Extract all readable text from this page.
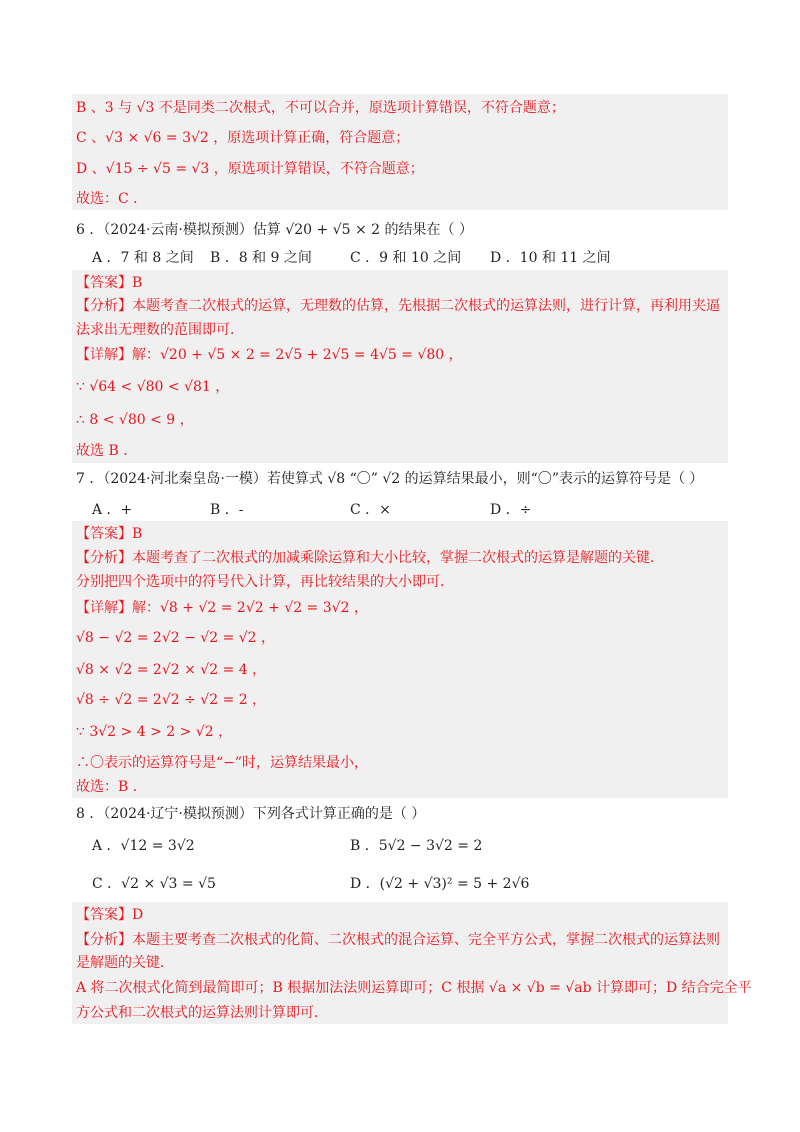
B 、3 与 √3 不是同类二次根式，不可以合并，原选项计算错误，不符合题意；
C 、√3 × √6 = 3√2 ，原选项计算正确，符合题意；
D 、√15 ÷ √5 = √3 ，原选项计算错误，不符合题意；
故选：C ．
6 ．（2024·云南·模拟预测）估算 √20 + √5 × 2 的结果在（ ）
A ．7 和 8 之间 B ．8 和 9 之间	C ．9 和 10 之间 D ．10 和 11 之间
【答案】B
【分析】本题考查二次根式的运算，无理数的估算，先根据二次根式的运算法则，进行计算，再利用夹逼
法求出无理数的范围即可．
【详解】解：√20 + √5 × 2 = 2√5 + 2√5 = 4√5 = √80 ，
∵ √64 < √80 < √81 ，
∴ 8 < √80 < 9 ，
故选 B ．
7 ．（2024·河北秦皇岛·一模）若使算式 √8 “〇” √2 的运算结果最小，则“〇”表示的运算符号是（ ）
A ．+	B ．-	C ．×	D ．÷
【答案】B
【分析】本题考查了二次根式的加减乘除运算和大小比较，掌握二次根式的运算是解题的关键．
分别把四个选项中的符号代入计算，再比较结果的大小即可．
【详解】解：√8 + √2 = 2√2 + √2 = 3√2 ，
√8 − √2 = 2√2 − √2 = √2 ，
√8 × √2 = 2√2 × √2 = 4 ，
√8 ÷ √2 = 2√2 ÷ √2 = 2 ，
∵ 3√2 > 4 > 2 > √2 ，
∴〇表示的运算符号是“−”时，运算结果最小，
故选：B ．
8 ．（2024·辽宁·模拟预测）下列各式计算正确的是（ ）
A ．√12 = 3√2	B ．5√2 − 3√2 = 2
C ．√2 × √3 = √5	D ．(√2 + √3)² = 5 + 2√6
【答案】D
【分析】本题主要考查二次根式的化简、二次根式的混合运算、完全平方公式，掌握二次根式的运算法则
是解题的关键．
A 将二次根式化简到最简即可；B 根据加法法则运算即可；C 根据 √a × √b = √ab 计算即可；D 结合完全平
方公式和二次根式的运算法则计算即可．
